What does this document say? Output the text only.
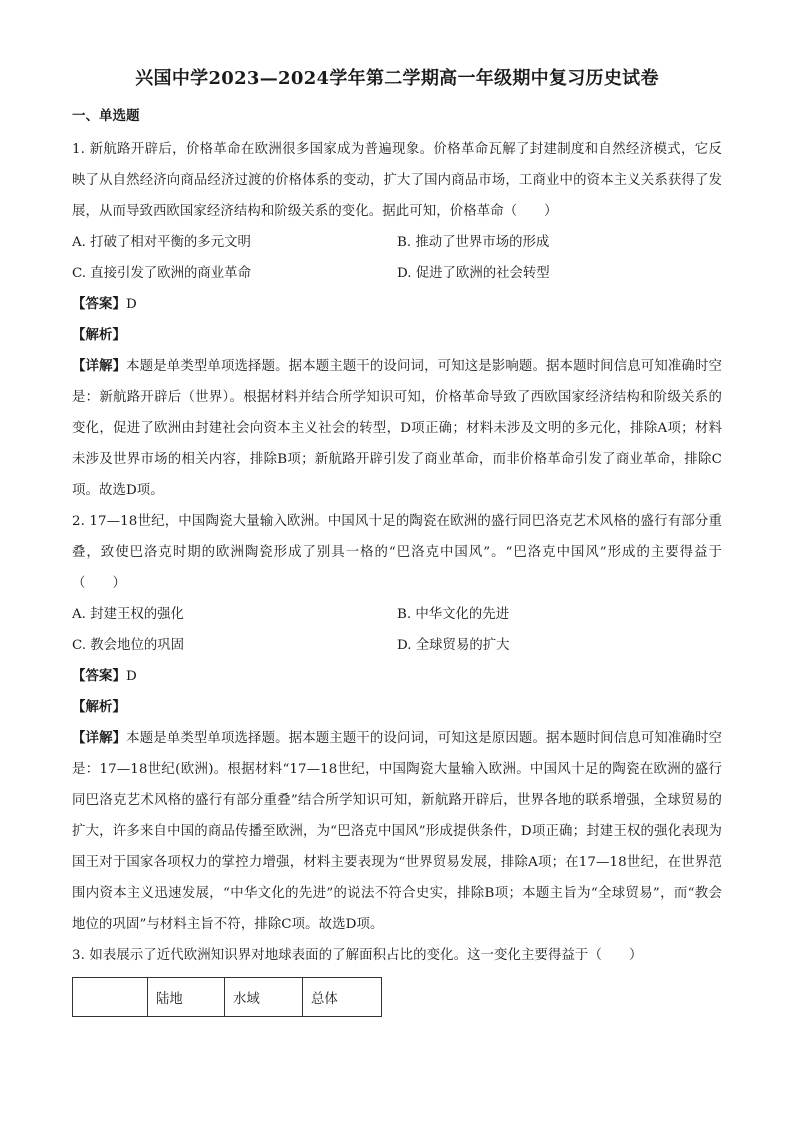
兴国中学2023—2024学年第二学期高一年级期中复习历史试卷
一、单选题

1. 新航路开辟后，价格革命在欧洲很多国家成为普遍现象。价格革命瓦解了封建制度和自然经济模式，它反映了从自然经济向商品经济过渡的价格体系的变动，扩大了国内商品市场，工商业中的资本主义关系获得了发展，从而导致西欧国家经济结构和阶级关系的变化。据此可知，价格革命（　　）

A. 打破了相对平衡的多元文明	B. 推动了世界市场的形成
C. 直接引发了欧洲的商业革命	D. 促进了欧洲的社会转型

【答案】D

【解析】

【详解】本题是单类型单项选择题。据本题主题干的设问词，可知这是影响题。据本题时间信息可知准确时空是：新航路开辟后（世界）。根据材料并结合所学知识可知，价格革命导致了西欧国家经济结构和阶级关系的变化，促进了欧洲由封建社会向资本主义社会的转型，D项正确；材料未涉及文明的多元化，排除A项；材料未涉及世界市场的相关内容，排除B项；新航路开辟引发了商业革命，而非价格革命引发了商业革命，排除C项。故选D项。

2. 17—18世纪，中国陶瓷大量输入欧洲。中国风十足的陶瓷在欧洲的盛行同巴洛克艺术风格的盛行有部分重叠，致使巴洛克时期的欧洲陶瓷形成了别具一格的“巴洛克中国风”。“巴洛克中国风”形成的主要得益于（　　）

A. 封建王权的强化	B. 中华文化的先进
C. 教会地位的巩固	D. 全球贸易的扩大

【答案】D

【解析】

【详解】本题是单类型单项选择题。据本题主题干的设问词，可知这是原因题。据本题时间信息可知准确时空是：17—18世纪(欧洲)。根据材料“17—18世纪，中国陶瓷大量输入欧洲。中国风十足的陶瓷在欧洲的盛行同巴洛克艺术风格的盛行有部分重叠”结合所学知识可知，新航路开辟后，世界各地的联系增强，全球贸易的扩大，许多来自中国的商品传播至欧洲，为“巴洛克中国风”形成提供条件，D项正确；封建王权的强化表现为国王对于国家各项权力的掌控力增强，材料主要表现为“世界贸易发展，排除A项；在17—18世纪，在世界范围内资本主义迅速发展，“中华文化的先进”的说法不符合史实，排除B项；本题主旨为“全球贸易”，而“教会地位的巩固”与材料主旨不符，排除C项。故选D项。

3. 如表展示了近代欧洲知识界对地球表面的了解面积占比的变化。这一变化主要得益于（　　）

	陆地	水域	总体
